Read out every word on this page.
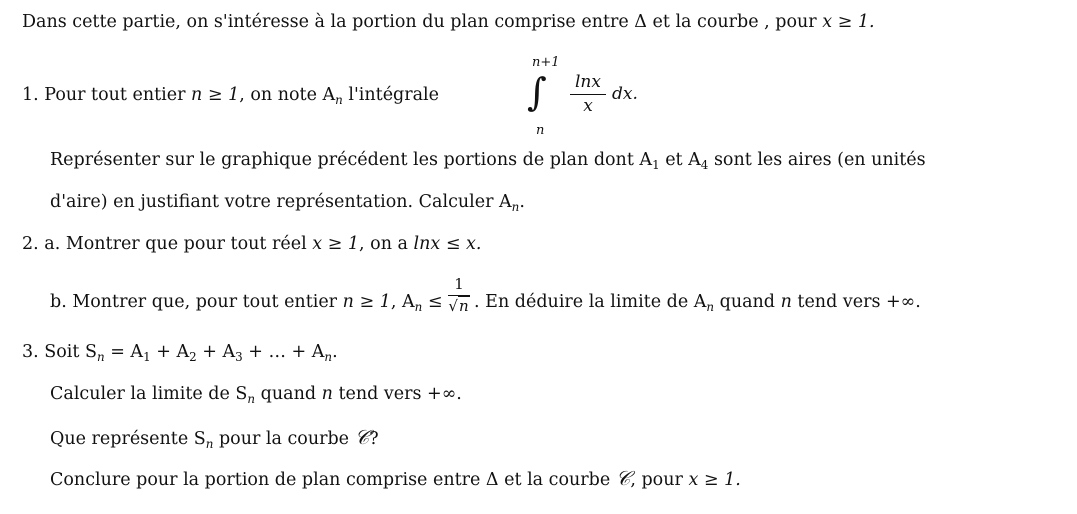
Dans cette partie, on s'intéresse à la portion du plan comprise entre Δ et la courbe , pour x ≥ 1.
1. Pour tout entier n ≥ 1, on note $A_n$ l'intégrale
n+1
∫
n
lnx
x
dx.
Représenter sur le graphique précédent les portions de plan dont $A_1$ et $A_4$ sont les aires (en unités
d'aire) en justifiant votre représentation. Calculer $A_n$.
2. a. Montrer que pour tout réel x ≥ 1, on a lnx ≤ x.
b. Montrer que, pour tout entier n ≥ 1, $A_n$ ≤
1
√n . En déduire la limite de $A_n$ quand n tend vers +∞.
3. Soit $S_n = A_1 + A_2 + A_3$ + … + $A_n$.
Calculer la limite de $S_n$ quand n tend vers +∞.
Que représente $S_n$ pour la courbe 𝒞?
Conclure pour la portion de plan comprise entre Δ et la courbe 𝒞, pour x ≥ 1.
